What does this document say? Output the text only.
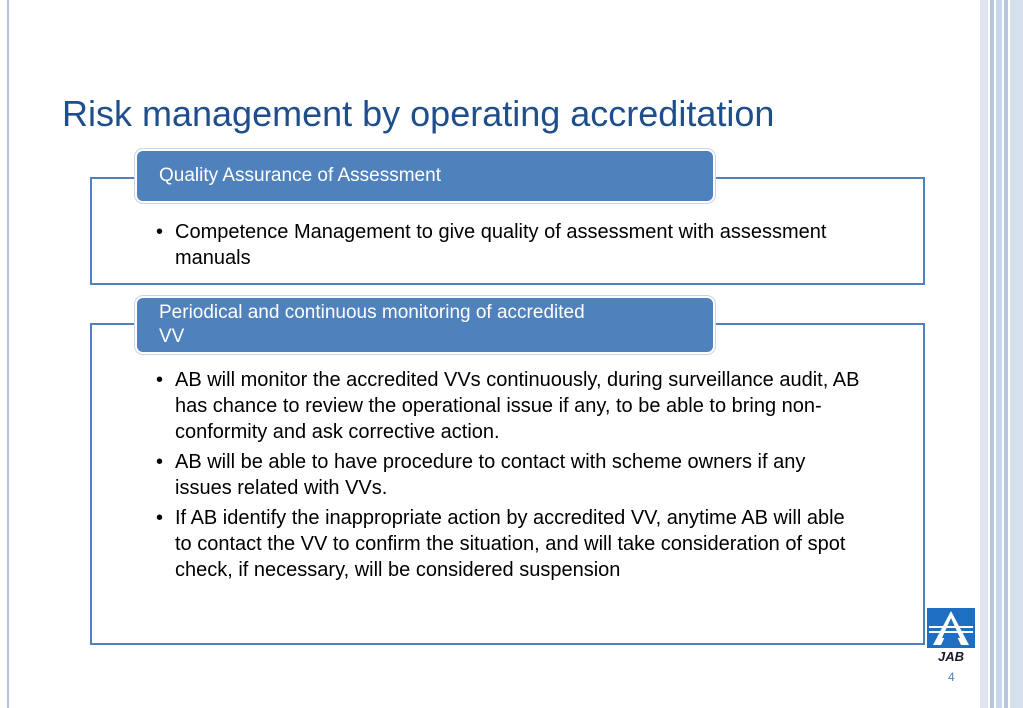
Risk management by operating accreditation
Quality Assurance of Assessment
• Competence Management to give quality of assessment with assessment manuals
Periodical and continuous monitoring of accredited VV
• AB will monitor the accredited VVs continuously, during surveillance audit, AB has chance to review the operational issue if any, to be able to bring non-conformity and ask corrective action.
• AB will be able to have procedure to contact with scheme owners if any issues related with VVs.
• If AB identify the inappropriate action by accredited VV, anytime AB will able to contact the VV to confirm the situation, and will take consideration of spot check, if necessary, will be considered suspension
JAB
4
